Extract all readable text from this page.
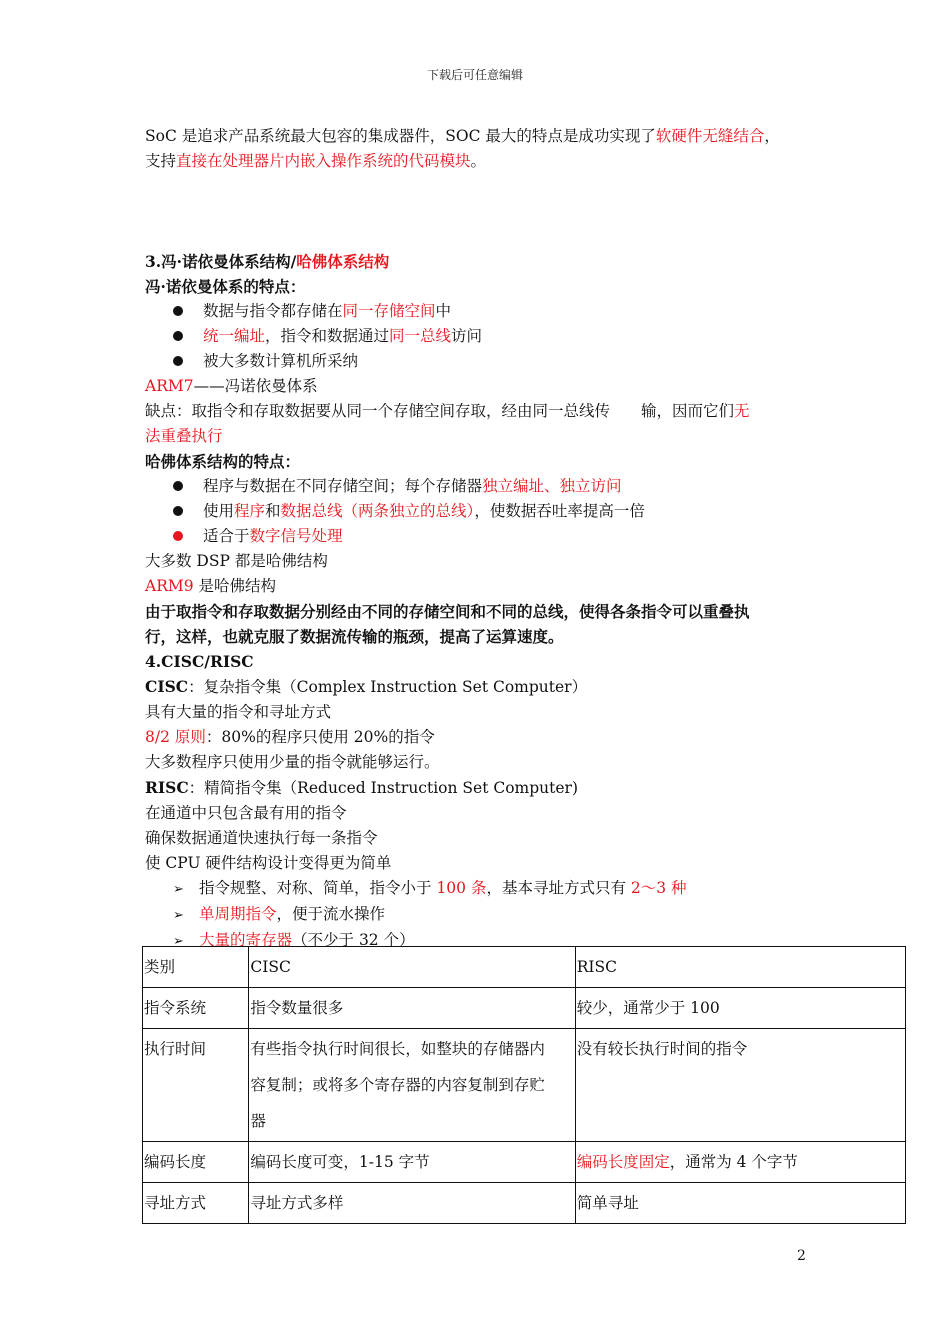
下载后可任意编辑
SoC 是追求产品系统最大包容的集成器件，SOC 最大的特点是成功实现了软硬件无缝结合，
支持直接在处理器片内嵌入操作系统的代码模块。
3.冯·诺依曼体系结构/哈佛体系结构
冯·诺依曼体系的特点：
数据与指令都存储在同一存储空间中
统一编址，指令和数据通过同一总线访问
被大多数计算机所采纳
ARM7——冯诺依曼体系
缺点：取指令和存取数据要从同一个存储空间存取，经由同一总线传　　输，因而它们无
法重叠执行
哈佛体系结构的特点：
程序与数据在不同存储空间；每个存储器独立编址、独立访问
使用程序和数据总线（两条独立的总线），使数据吞吐率提高一倍
适合于数字信号处理
大多数 DSP 都是哈佛结构
ARM9 是哈佛结构
由于取指令和存取数据分别经由不同的存储空间和不同的总线，使得各条指令可以重叠执
行，这样，也就克服了数据流传输的瓶颈，提高了运算速度。
4.CISC/RISC
CISC：复杂指令集（Complex Instruction Set Computer）
具有大量的指令和寻址方式
8/2 原则：80%的程序只使用 20%的指令
大多数程序只使用少量的指令就能够运行。
RISC：精简指令集（Reduced Instruction Set Computer)
在通道中只包含最有用的指令
确保数据通道快速执行每一条指令
使 CPU 硬件结构设计变得更为简单
➢ 指令规整、对称、简单，指令小于 100 条，基本寻址方式只有 2～3 种
➢ 单周期指令，便于流水操作
➢ 大量的寄存器（不少于 32 个）
类别	CISC	RISC
指令系统	指令数量很多	较少，通常少于 100
执行时间	有些指令执行时间很长，如整块的存储器内
容复制；或将多个寄存器的内容复制到存贮
器	没有较长执行时间的指令
编码长度	编码长度可变，1-15 字节	编码长度固定，通常为 4 个字节
寻址方式	寻址方式多样	简单寻址
2
